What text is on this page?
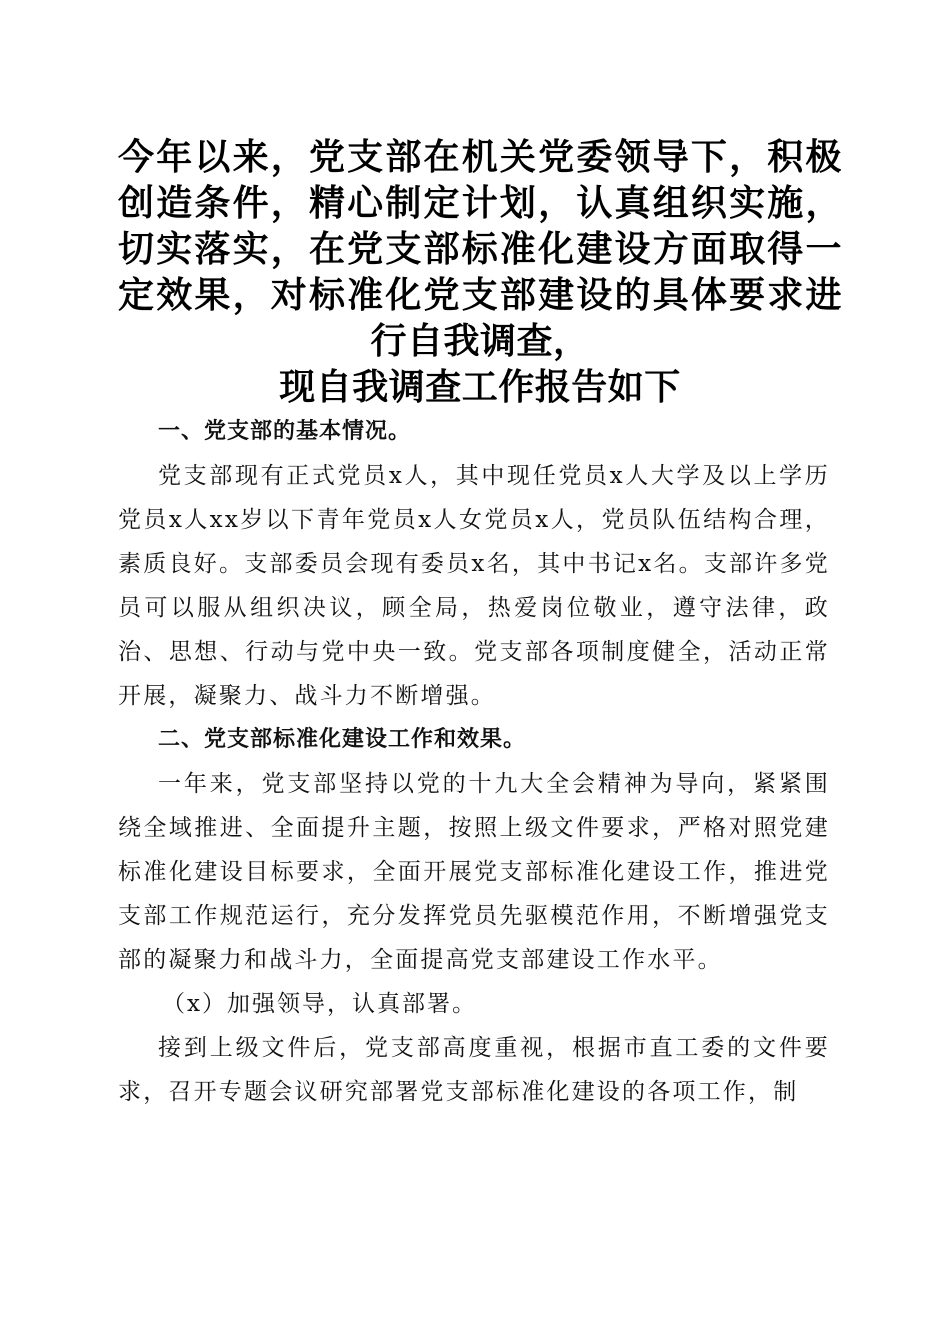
今年以来，党支部在机关党委领导下，积极创造条件，精心制定计划，认真组织实施，切实落实，在党支部标准化建设方面取得一定效果，对标准化党支部建设的具体要求进行自我调查，
现自我调查工作报告如下

一、党支部的基本情况。

党支部现有正式党员x人，其中现任党员x人大学及以上学历党员x人xx岁以下青年党员x人女党员x人，党员队伍结构合理，素质良好。支部委员会现有委员x名，其中书记x名。支部许多党员可以服从组织决议，顾全局，热爱岗位敬业，遵守法律，政治、思想、行动与党中央一致。党支部各项制度健全，活动正常开展，凝聚力、战斗力不断增强。

二、党支部标准化建设工作和效果。

一年来，党支部坚持以党的十九大全会精神为导向，紧紧围绕全域推进、全面提升主题，按照上级文件要求，严格对照党建标准化建设目标要求，全面开展党支部标准化建设工作，推进党支部工作规范运行，充分发挥党员先驱模范作用，不断增强党支部的凝聚力和战斗力，全面提高党支部建设工作水平。

（x）加强领导，认真部署。

接到上级文件后，党支部高度重视，根据市直工委的文件要求，召开专题会议研究部署党支部标准化建设的各项工作，制
